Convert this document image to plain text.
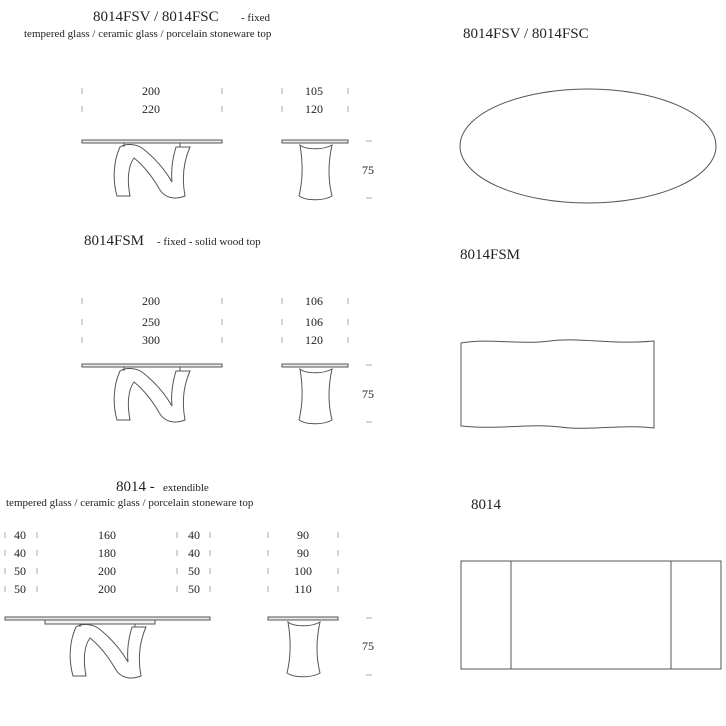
8014FSV / 8014FSC - fixed
tempered glass / ceramic glass / porcelain stoneware top
200
220
105
120
75
8014FSM - fixed - solid wood top
200
250
300
106
106
120
75
8014 - extendible
tempered glass / ceramic glass / porcelain stoneware top
40
40
50
50
160
180
200
200
40
40
50
50
90
90
100
110
75
8014FSV / 8014FSC
8014FSM
8014
